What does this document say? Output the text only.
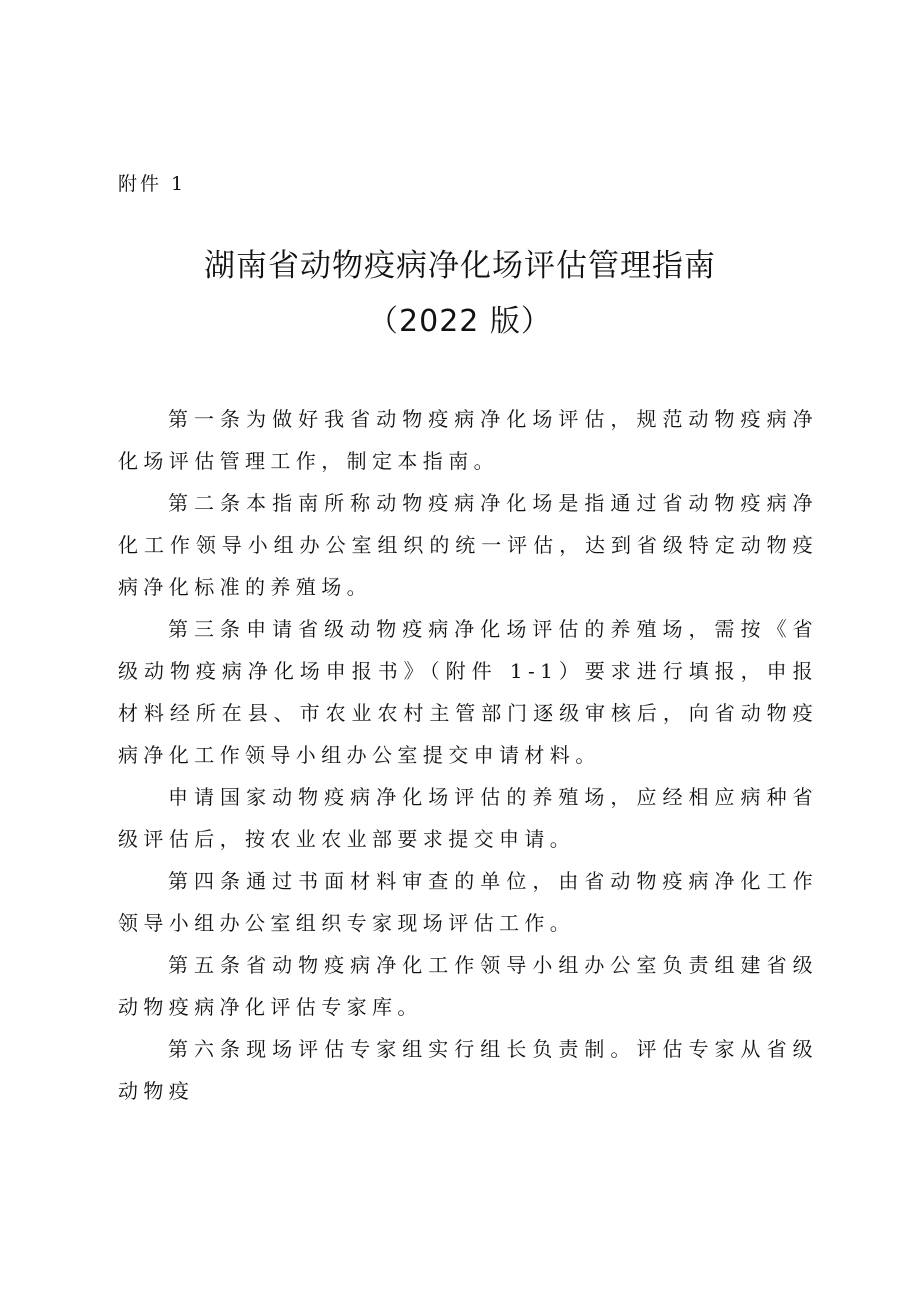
附件 1
湖南省动物疫病净化场评估管理指南
（2022 版）

第一条为做好我省动物疫病净化场评估，规范动物疫病净化场评估管理工作，制定本指南。

第二条本指南所称动物疫病净化场是指通过省动物疫病净化工作领导小组办公室组织的统一评估，达到省级特定动物疫病净化标准的养殖场。

第三条申请省级动物疫病净化场评估的养殖场，需按《省级动物疫病净化场申报书》（附件 1-1）要求进行填报，申报材料经所在县、市农业农村主管部门逐级审核后，向省动物疫病净化工作领导小组办公室提交申请材料。

申请国家动物疫病净化场评估的养殖场，应经相应病种省级评估后，按农业农业部要求提交申请。

第四条通过书面材料审查的单位，由省动物疫病净化工作领导小组办公室组织专家现场评估工作。

第五条省动物疫病净化工作领导小组办公室负责组建省级动物疫病净化评估专家库。

第六条现场评估专家组实行组长负责制。评估专家从省级动物疫
